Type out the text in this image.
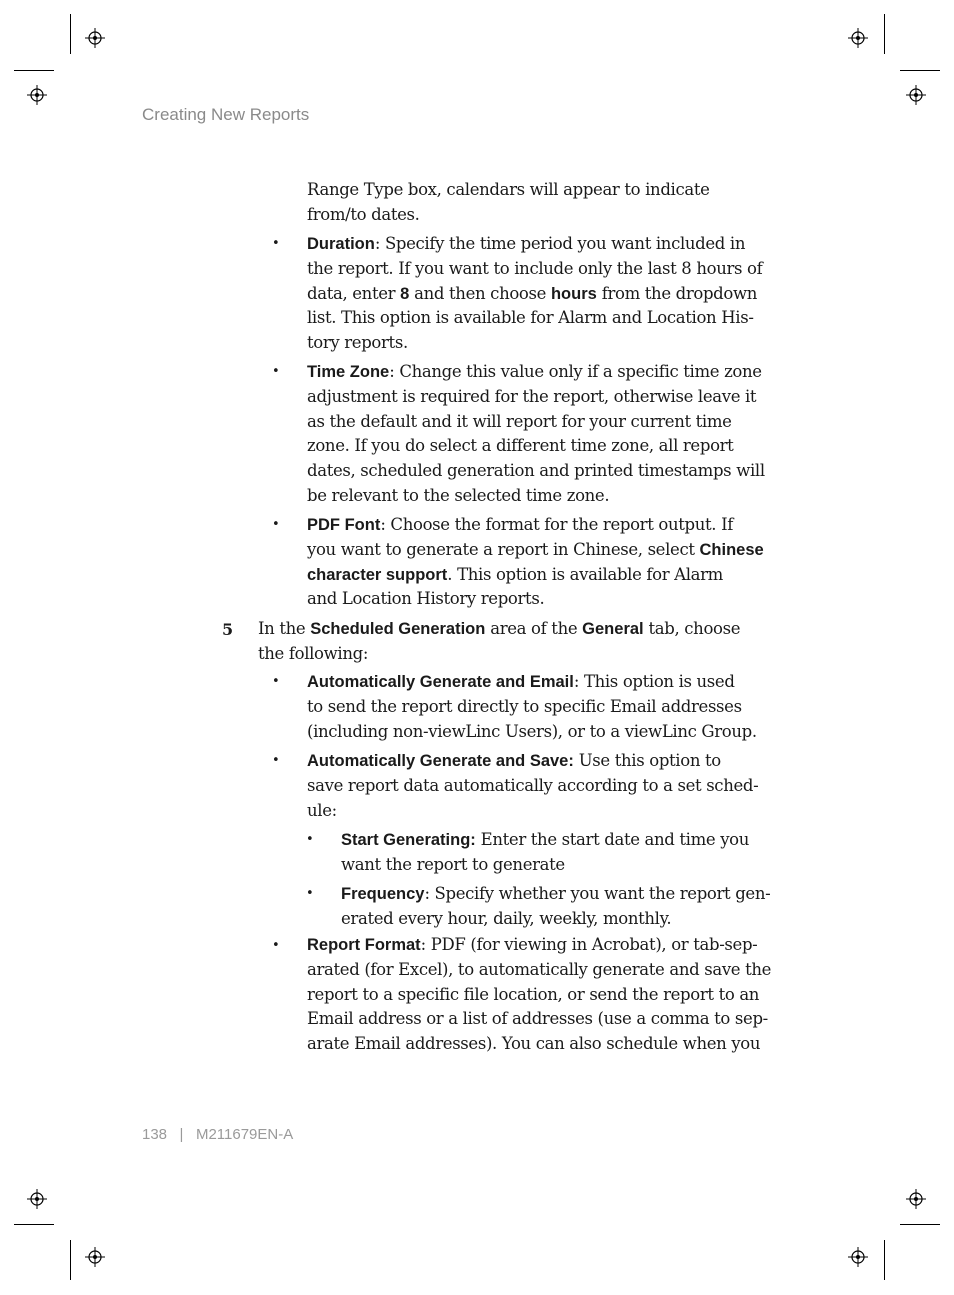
Creating New Reports
Range Type box, calendars will appear to indicate
from/to dates.
• Duration: Specify the time period you want included in
the report. If you want to include only the last 8 hours of
data, enter 8 and then choose hours from the dropdown
list. This option is available for Alarm and Location His-
tory reports.
• Time Zone: Change this value only if a specific time zone
adjustment is required for the report, otherwise leave it
as the default and it will report for your current time
zone. If you do select a different time zone, all report
dates, scheduled generation and printed timestamps will
be relevant to the selected time zone.
• PDF Font: Choose the format for the report output. If
you want to generate a report in Chinese, select Chinese
character support. This option is available for Alarm
and Location History reports.
5 In the Scheduled Generation area of the General tab, choose
the following:
• Automatically Generate and Email: This option is used
to send the report directly to specific Email addresses
(including non-viewLinc Users), or to a viewLinc Group.
• Automatically Generate and Save: Use this option to
save report data automatically according to a set sched-
ule:
• Start Generating: Enter the start date and time you
want the report to generate
• Frequency: Specify whether you want the report gen-
erated every hour, daily, weekly, monthly.
• Report Format: PDF (for viewing in Acrobat), or tab-sep-
arated (for Excel), to automatically generate and save the
report to a specific file location, or send the report to an
Email address or a list of addresses (use a comma to sep-
arate Email addresses). You can also schedule when you
138 | M211679EN-A
